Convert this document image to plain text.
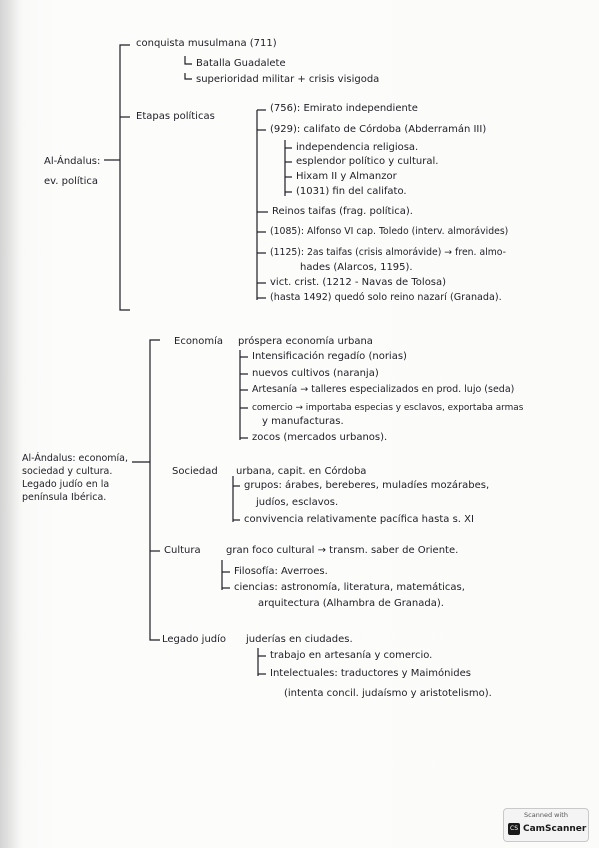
Al-Ándalus:
ev. política
conquista musulmana (711)
Batalla Guadalete
superioridad militar + crisis visigoda
Etapas políticas
(756): Emirato independiente
(929): califato de Córdoba (Abderramán III)
independencia religiosa.
esplendor político y cultural.
Hixam II y Almanzor
(1031) fin del califato.
Reinos taifas (frag. política).
(1085): Alfonso VI cap. Toledo (interv. almorávides)
(1125): 2as taifas (crisis almorávide) → fren. almo-
hades (Alarcos, 1195).
vict. crist. (1212 - Navas de Tolosa)
(hasta 1492) quedó solo reino nazarí (Granada).
Al-Ándalus: economía, sociedad y cultura. Legado judío en la península Ibérica.
Economía próspera economía urbana
Intensificación regadío (norias)
nuevos cultivos (naranja)
Artesanía → talleres especializados en prod. lujo (seda)
comercio → importaba especias y esclavos, exportaba armas
y manufacturas.
zocos (mercados urbanos).
Sociedad urbana, capit. en Córdoba
grupos: árabes, bereberes, muladíes mozárabes,
judíos, esclavos.
convivencia relativamente pacífica hasta s. XI
Cultura	gran foco cultural → transm. saber de Oriente.
Filosofía: Averroes.
ciencias: astronomía, literatura, matemáticas,
arquitectura (Alhambra de Granada).
Legado judío juderías en ciudades.
trabajo en artesanía y comercio.
Intelectuales: traductores y Maimónides
(intenta concil. judaísmo y aristotelismo).
Scanned with
CS CamScanner
